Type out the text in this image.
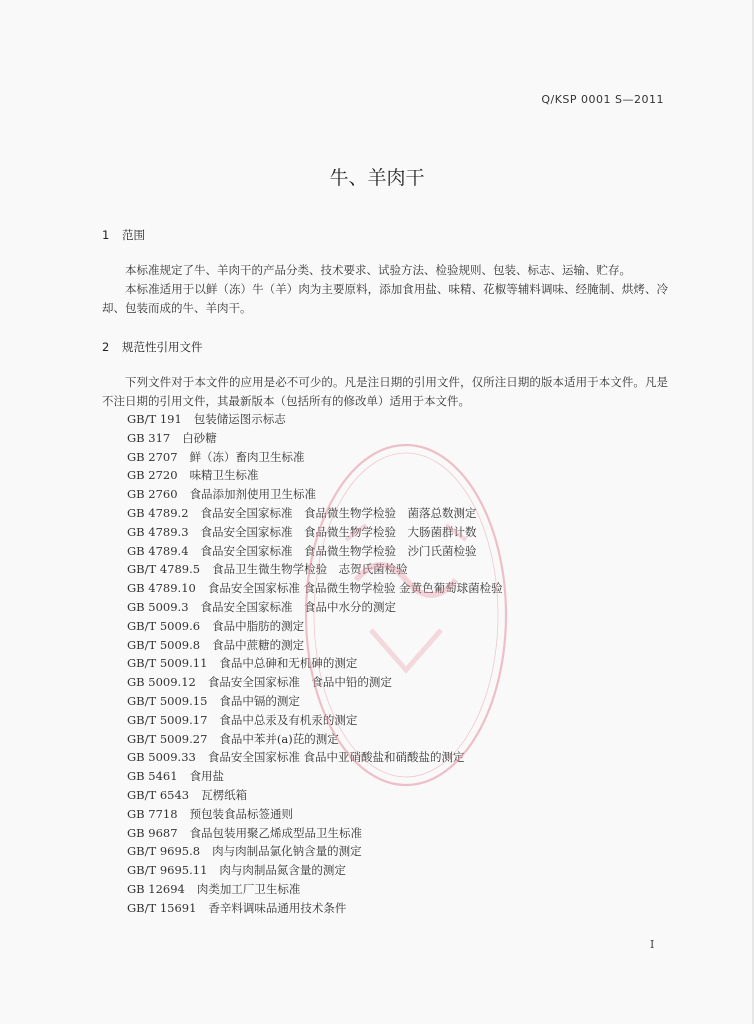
Q/KSP 0001 S—2011
牛、羊肉干
1 范围

本标准规定了牛、羊肉干的产品分类、技术要求、试验方法、检验规则、包装、标志、运输、贮存。

本标准适用于以鲜（冻）牛（羊）肉为主要原料，添加食用盐、味精、花椒等辅料调味、经腌制、烘烤、冷却、包装而成的牛、羊肉干。

2 规范性引用文件

下列文件对于本文件的应用是必不可少的。凡是注日期的引用文件，仅所注日期的版本适用于本文件。凡是不注日期的引用文件，其最新版本（包括所有的修改单）适用于本文件。

GB/T 191 包装储运图示标志
GB 317 白砂糖
GB 2707 鲜（冻）畜肉卫生标准
GB 2720 味精卫生标准
GB 2760 食品添加剂使用卫生标准
GB 4789.2 食品安全国家标准　食品微生物学检验　菌落总数测定
GB 4789.3 食品安全国家标准　食品微生物学检验　大肠菌群计数
GB 4789.4 食品安全国家标准　食品微生物学检验　沙门氏菌检验
GB/T 4789.5 食品卫生微生物学检验　志贺氏菌检验
GB 4789.10 食品安全国家标准 食品微生物学检验 金黄色葡萄球菌检验
GB 5009.3 食品安全国家标准　食品中水分的测定
GB/T 5009.6 食品中脂肪的测定
GB/T 5009.8 食品中蔗糖的测定
GB/T 5009.11 食品中总砷和无机砷的测定
GB 5009.12 食品安全国家标准　食品中铅的测定
GB/T 5009.15 食品中镉的测定
GB/T 5009.17 食品中总汞及有机汞的测定
GB/T 5009.27 食品中苯并(a)芘的测定
GB 5009.33 食品安全国家标准 食品中亚硝酸盐和硝酸盐的测定
GB 5461 食用盐
GB/T 6543 瓦楞纸箱
GB 7718 预包装食品标签通则
GB 9687 食品包装用聚乙烯成型品卫生标准
GB/T 9695.8 肉与肉制品氯化钠含量的测定
GB/T 9695.11 肉与肉制品氮含量的测定
GB 12694 肉类加工厂卫生标准
GB/T 15691 香辛料调味品通用技术条件
I
